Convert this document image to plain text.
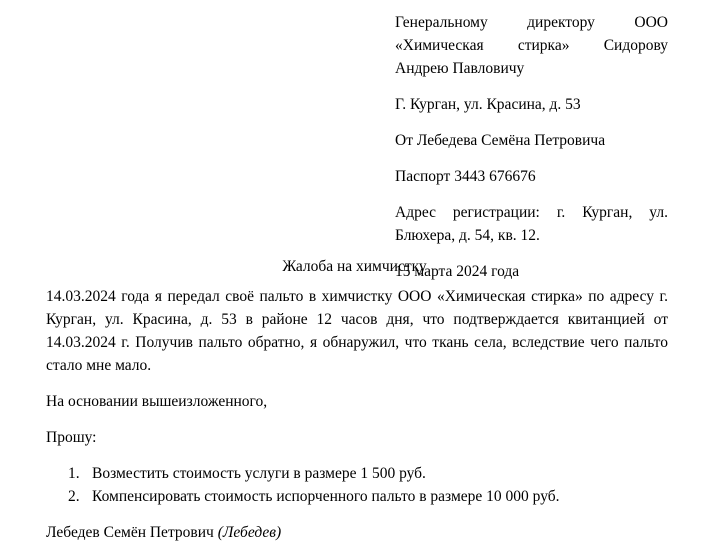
Генеральному	директору	ООО
«Химическая стирка» Сидорову
Андрею Павловичу

Г. Курган, ул. Красина, д. 53

От Лебедева Семёна Петровича

Паспорт 3443 676676

Адрес регистрации: г. Курган, ул.
Блюхера, д. 54, кв. 12.

15 марта 2024 года

Жалоба на химчистку

14.03.2024 года я передал своё пальто в химчистку ООО «Химическая стирка» по адресу г. Курган, ул. Красина, д. 53 в районе 12 часов дня, что подтверждается квитанцией от 14.03.2024 г. Получив пальто обратно, я обнаружил, что ткань села, вследствие чего пальто стало мне мало.

На основании вышеизложенного,

Прошу:

1. Возместить стоимость услуги в размере 1 500 руб.
2. Компенсировать стоимость испорченного пальто в размере 10 000 руб.

Лебедев Семён Петрович (Лебедев)
